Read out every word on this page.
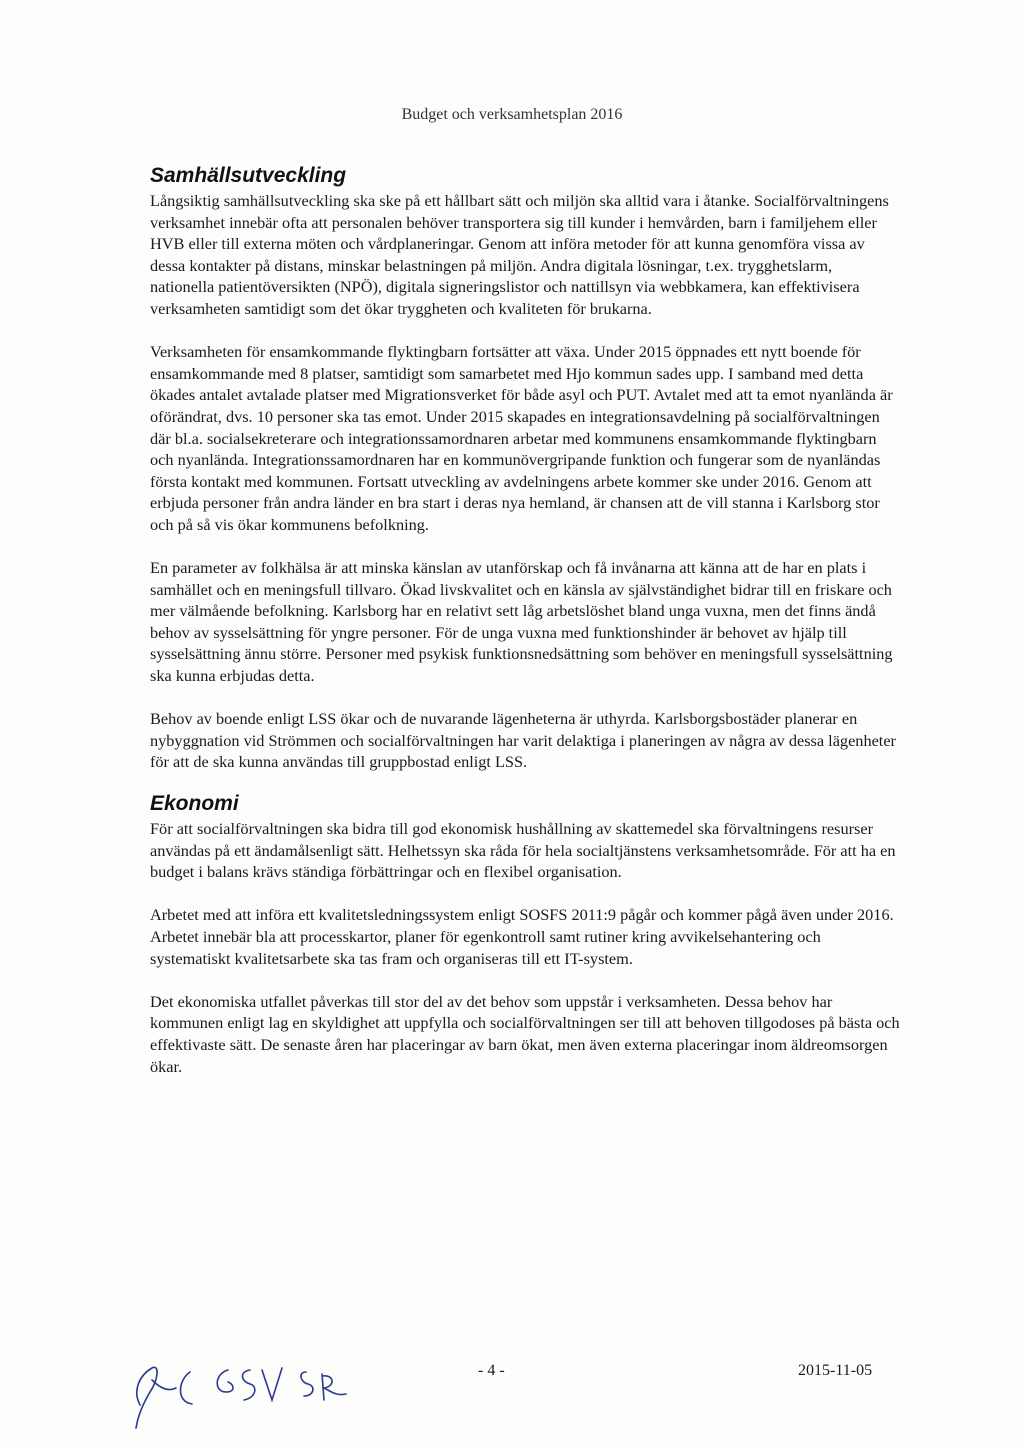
Budget och verksamhetsplan 2016
Samhällsutveckling

Långsiktig samhällsutveckling ska ske på ett hållbart sätt och miljön ska alltid vara i åtanke. Socialförvaltningens verksamhet innebär ofta att personalen behöver transportera sig till kunder i hemvården, barn i familjehem eller HVB eller till externa möten och vårdplaneringar. Genom att införa metoder för att kunna genomföra vissa av dessa kontakter på distans, minskar belastningen på miljön. Andra digitala lösningar, t.ex. trygghetslarm, nationella patientöversikten (NPÖ), digitala signeringslistor och nattillsyn via webbkamera, kan effektivisera verksamheten samtidigt som det ökar tryggheten och kvaliteten för brukarna.

Verksamheten för ensamkommande flyktingbarn fortsätter att växa. Under 2015 öppnades ett nytt boende för ensamkommande med 8 platser, samtidigt som samarbetet med Hjo kommun sades upp. I samband med detta ökades antalet avtalade platser med Migrationsverket för både asyl och PUT. Avtalet med att ta emot nyanlända är oförändrat, dvs. 10 personer ska tas emot. Under 2015 skapades en integrationsavdelning på socialförvaltningen där bl.a. socialsekreterare och integrationssamordnaren arbetar med kommunens ensamkommande flyktingbarn och nyanlända. Integrationssamordnaren har en kommunövergripande funktion och fungerar som de nyanländas första kontakt med kommunen. Fortsatt utveckling av avdelningens arbete kommer ske under 2016. Genom att erbjuda personer från andra länder en bra start i deras nya hemland, är chansen att de vill stanna i Karlsborg stor och på så vis ökar kommunens befolkning.

En parameter av folkhälsa är att minska känslan av utanförskap och få invånarna att känna att de har en plats i samhället och en meningsfull tillvaro. Ökad livskvalitet och en känsla av självständighet bidrar till en friskare och mer välmående befolkning. Karlsborg har en relativt sett låg arbetslöshet bland unga vuxna, men det finns ändå behov av sysselsättning för yngre personer. För de unga vuxna med funktionshinder är behovet av hjälp till sysselsättning ännu större. Personer med psykisk funktionsnedsättning som behöver en meningsfull sysselsättning ska kunna erbjudas detta.

Behov av boende enligt LSS ökar och de nuvarande lägenheterna är uthyrda. Karlsborgsbostäder planerar en nybyggnation vid Strömmen och socialförvaltningen har varit delaktiga i planeringen av några av dessa lägenheter för att de ska kunna användas till gruppbostad enligt LSS.

Ekonomi

För att socialförvaltningen ska bidra till god ekonomisk hushållning av skattemedel ska förvaltningens resurser användas på ett ändamålsenligt sätt. Helhetssyn ska råda för hela socialtjänstens verksamhetsområde. För att ha en budget i balans krävs ständiga förbättringar och en flexibel organisation.

Arbetet med att införa ett kvalitetsledningssystem enligt SOSFS 2011:9 pågår och kommer pågå även under 2016. Arbetet innebär bla att processkartor, planer för egenkontroll samt rutiner kring avvikelsehantering och systematiskt kvalitetsarbete ska tas fram och organiseras till ett IT-system.

Det ekonomiska utfallet påverkas till stor del av det behov som uppstår i verksamheten. Dessa behov har kommunen enligt lag en skyldighet att uppfylla och socialförvaltningen ser till att behoven tillgodoses på bästa och effektivaste sätt. De senaste åren har placeringar av barn ökat, men även externa placeringar inom äldreomsorgen ökar.

- 4 -	2015-11-05
